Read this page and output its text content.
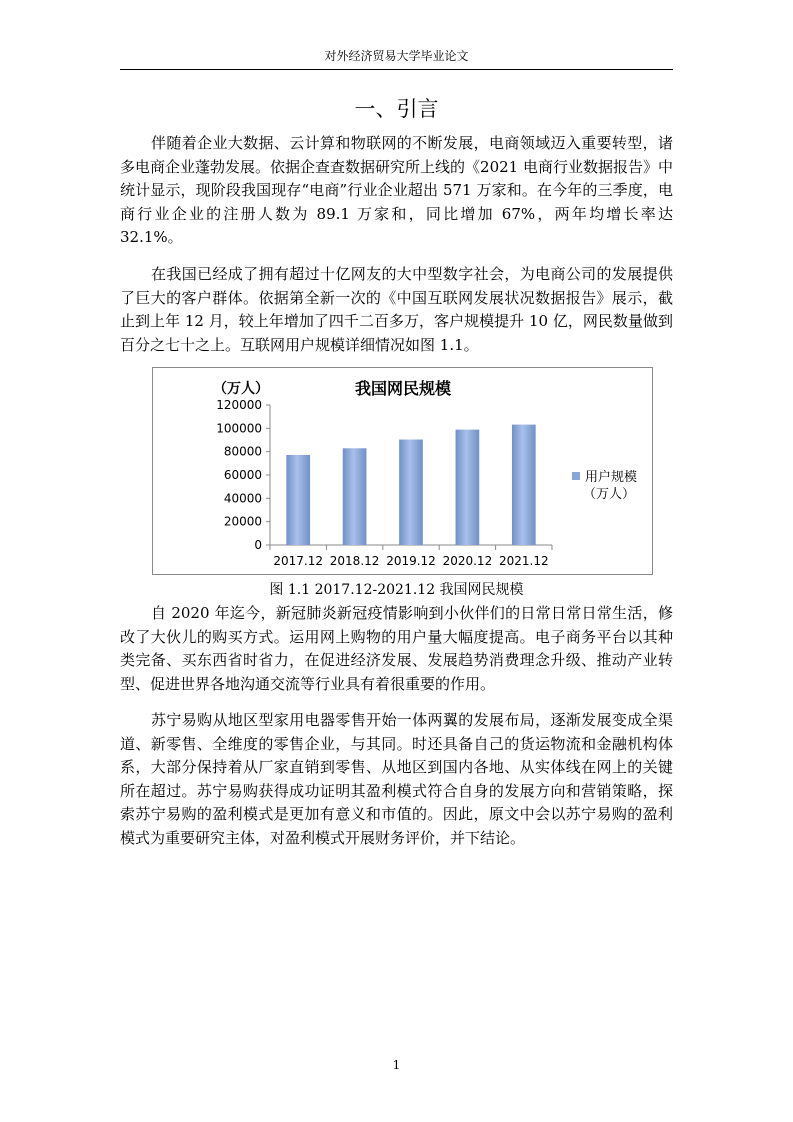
对外经济贸易大学毕业论文
一、引言

伴随着企业大数据、云计算和物联网的不断发展，电商领域迈入重要转型，诸多电商企业蓬勃发展。依据企查查数据研究所上线的《2021 电商行业数据报告》中统计显示，现阶段我国现存“电商”行业企业超出 571 万家和。在今年的三季度，电商行业企业的注册人数为 89.1 万家和，同比增加 67%，两年均增长率达 32.1%。

在我国已经成了拥有超过十亿网友的大中型数字社会，为电商公司的发展提供了巨大的客户群体。依据第全新一次的《中国互联网发展状况数据报告》展示，截止到上年 12 月，较上年增加了四千二百多万，客户规模提升 10 亿，网民数量做到百分之七十之上。互联网用户规模详细情况如图 1.1。

我国网民规模
（万人）
0
20000
40000
60000
80000
100000
120000
2017.12 2018.12 2019.12 2020.12 2021.12
用户规模
（万人）
图 1.1 2017.12-2021.12 我国网民规模

自 2020 年迄今，新冠肺炎新冠疫情影响到小伙伴们的日常日常日常生活，修改了大伙儿的购买方式。运用网上购物的用户量大幅度提高。电子商务平台以其种类完备、买东西省时省力，在促进经济发展、发展趋势消费理念升级、推动产业转型、促进世界各地沟通交流等行业具有着很重要的作用。

苏宁易购从地区型家用电器零售开始一体两翼的发展布局，逐渐发展变成全渠道、新零售、全维度的零售企业，与其同。时还具备自己的货运物流和金融机构体系，大部分保持着从厂家直销到零售、从地区到国内各地、从实体线在网上的关键所在超过。苏宁易购获得成功证明其盈利模式符合自身的发展方向和营销策略，探索苏宁易购的盈利模式是更加有意义和市值的。因此，原文中会以苏宁易购的盈利模式为重要研究主体，对盈利模式开展财务评价，并下结论。

1
